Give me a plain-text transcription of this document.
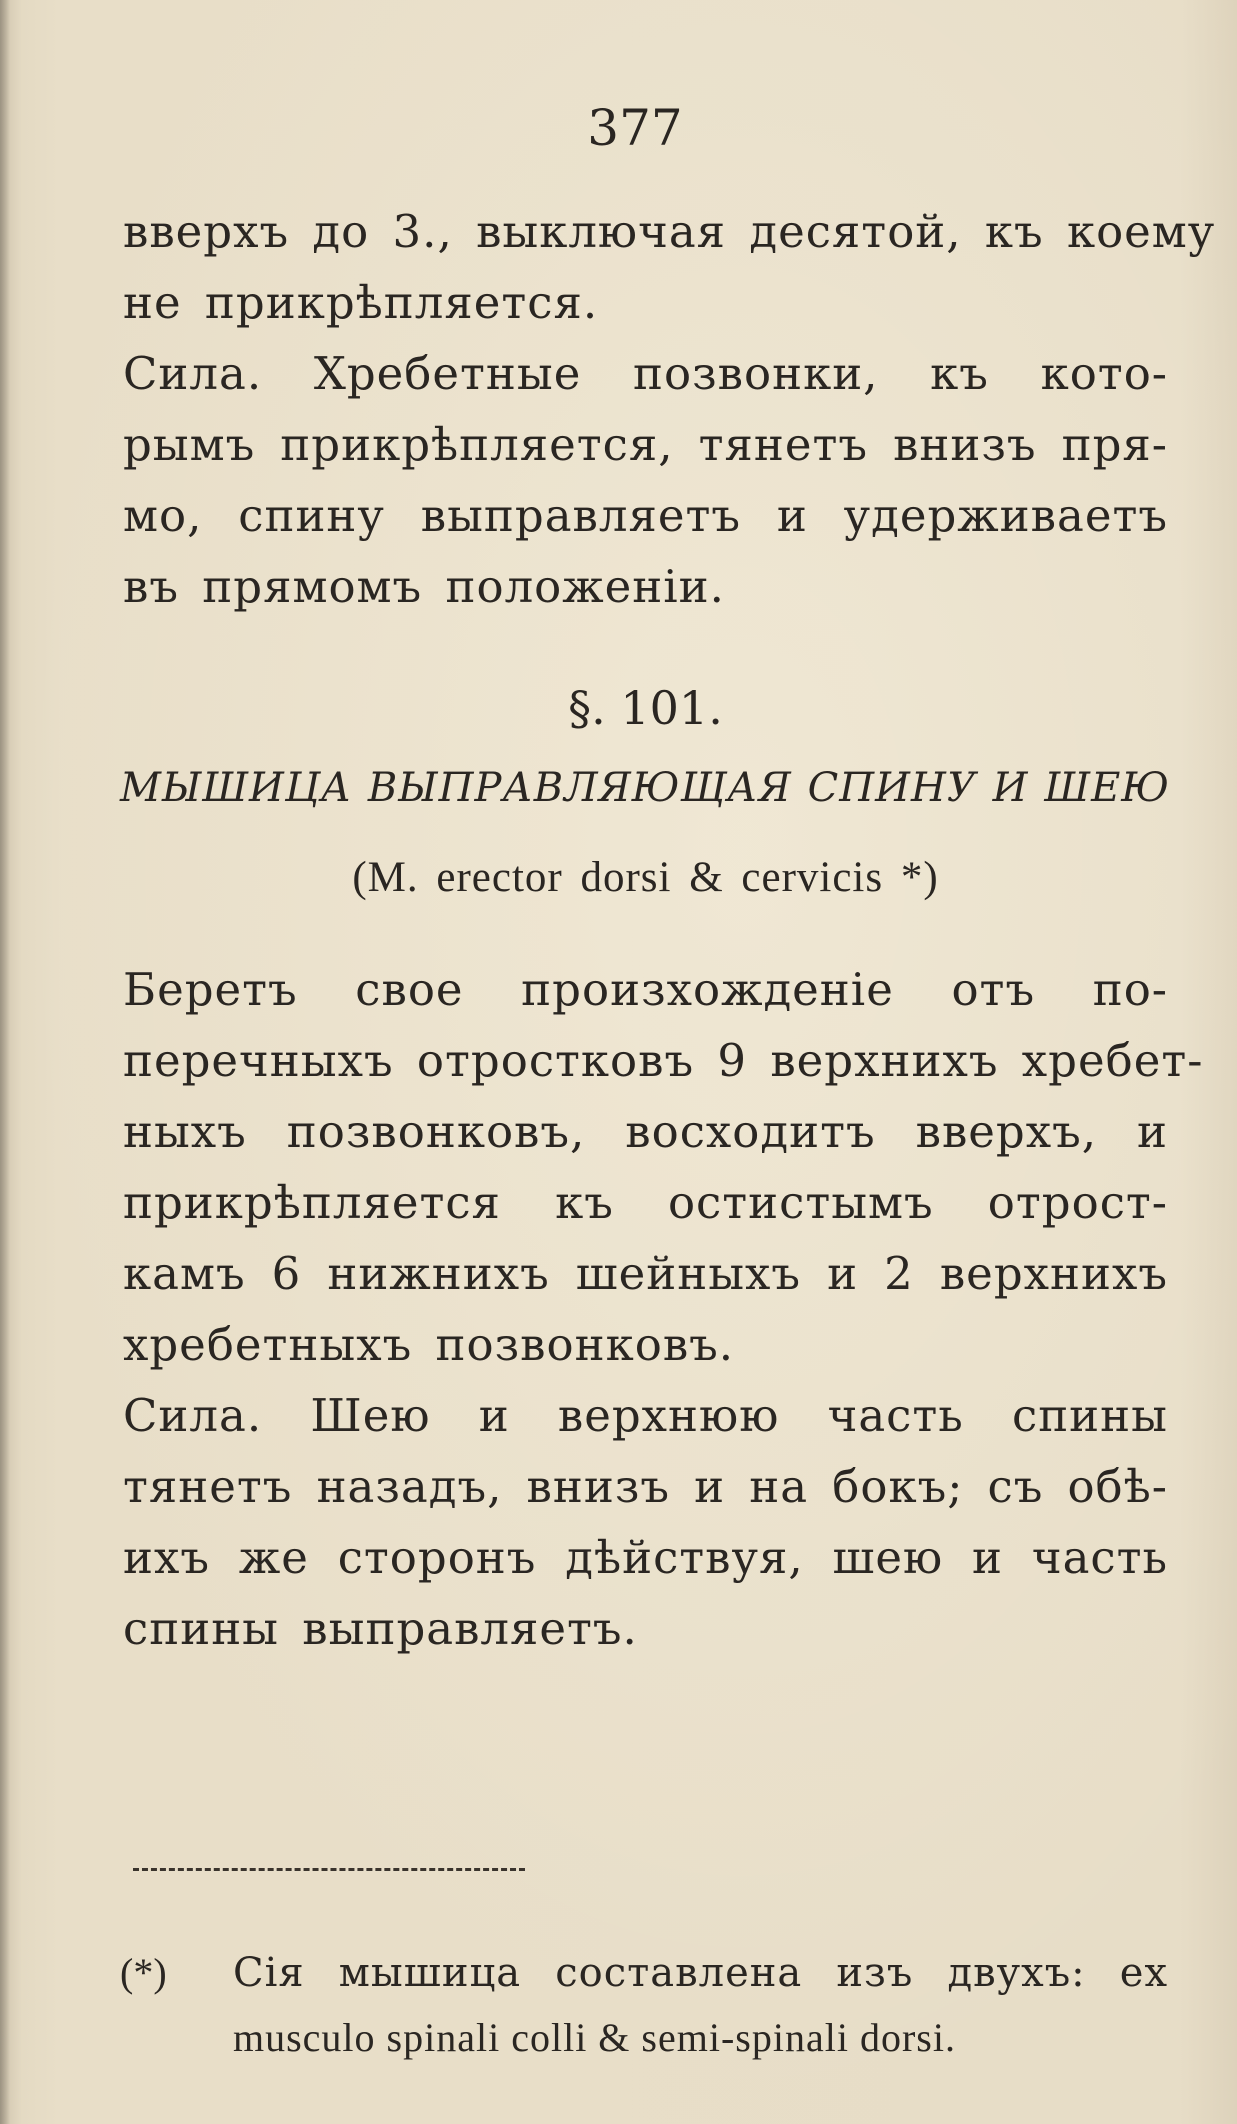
377
вверхъ до 3., выключая десятой, къ коему
не прикрѣпляется.
Сила. Хребетные позвонки, къ кото-
рымъ прикрѣпляется, тянетъ внизъ пря-
мо, спину выправляетъ и удерживаетъ
въ прямомъ положенiи.
§. 101.
МЫШИЦА ВЫПРАВЛЯЮЩАЯ СПИНУ И ШЕЮ
(M. erector dorsi & cervicis *)
Беретъ свое произхожденiе отъ по-
перечныхъ отростковъ 9 верхнихъ хребет-
ныхъ позвонковъ, восходитъ вверхъ, и
прикрѣпляется къ остистымъ отрост-
камъ 6 нижнихъ шейныхъ и 2 верхнихъ
хребетныхъ позвонковъ.
Сила. Шею и верхнюю часть спины
тянетъ назадъ, внизъ и на бокъ; съ обѣ-
ихъ же сторонъ дѣйствуя, шею и часть
спины выправляетъ.
(*) Сiя мышица составлена изъ двухъ: ex
musculo spinali colli & semi-spinali dorsi.
